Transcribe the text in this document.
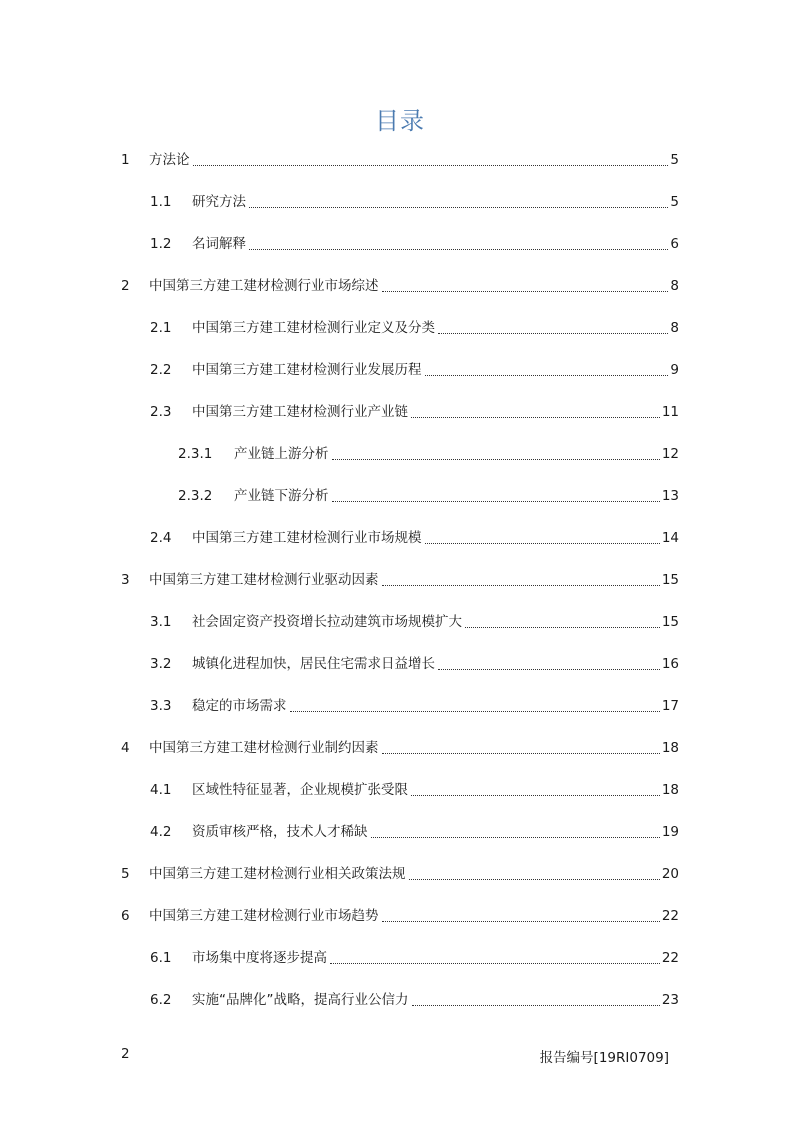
目录
1	方法论	5
1.1	研究方法	5
1.2	名词解释	6
2	中国第三方建工建材检测行业市场综述	8
2.1	中国第三方建工建材检测行业定义及分类	8
2.2	中国第三方建工建材检测行业发展历程	9
2.3	中国第三方建工建材检测行业产业链	11
2.3.1	产业链上游分析	12
2.3.2	产业链下游分析	13
2.4	中国第三方建工建材检测行业市场规模	14
3	中国第三方建工建材检测行业驱动因素	15
3.1	社会固定资产投资增长拉动建筑市场规模扩大	15
3.2	城镇化进程加快，居民住宅需求日益增长	16
3.3	稳定的市场需求	17
4	中国第三方建工建材检测行业制约因素	18
4.1	区域性特征显著，企业规模扩张受限	18
4.2	资质审核严格，技术人才稀缺	19
5	中国第三方建工建材检测行业相关政策法规	20
6	中国第三方建工建材检测行业市场趋势	22
6.1	市场集中度将逐步提高	22
6.2	实施“品牌化”战略，提高行业公信力	23
2	报告编号[19RI0709]
